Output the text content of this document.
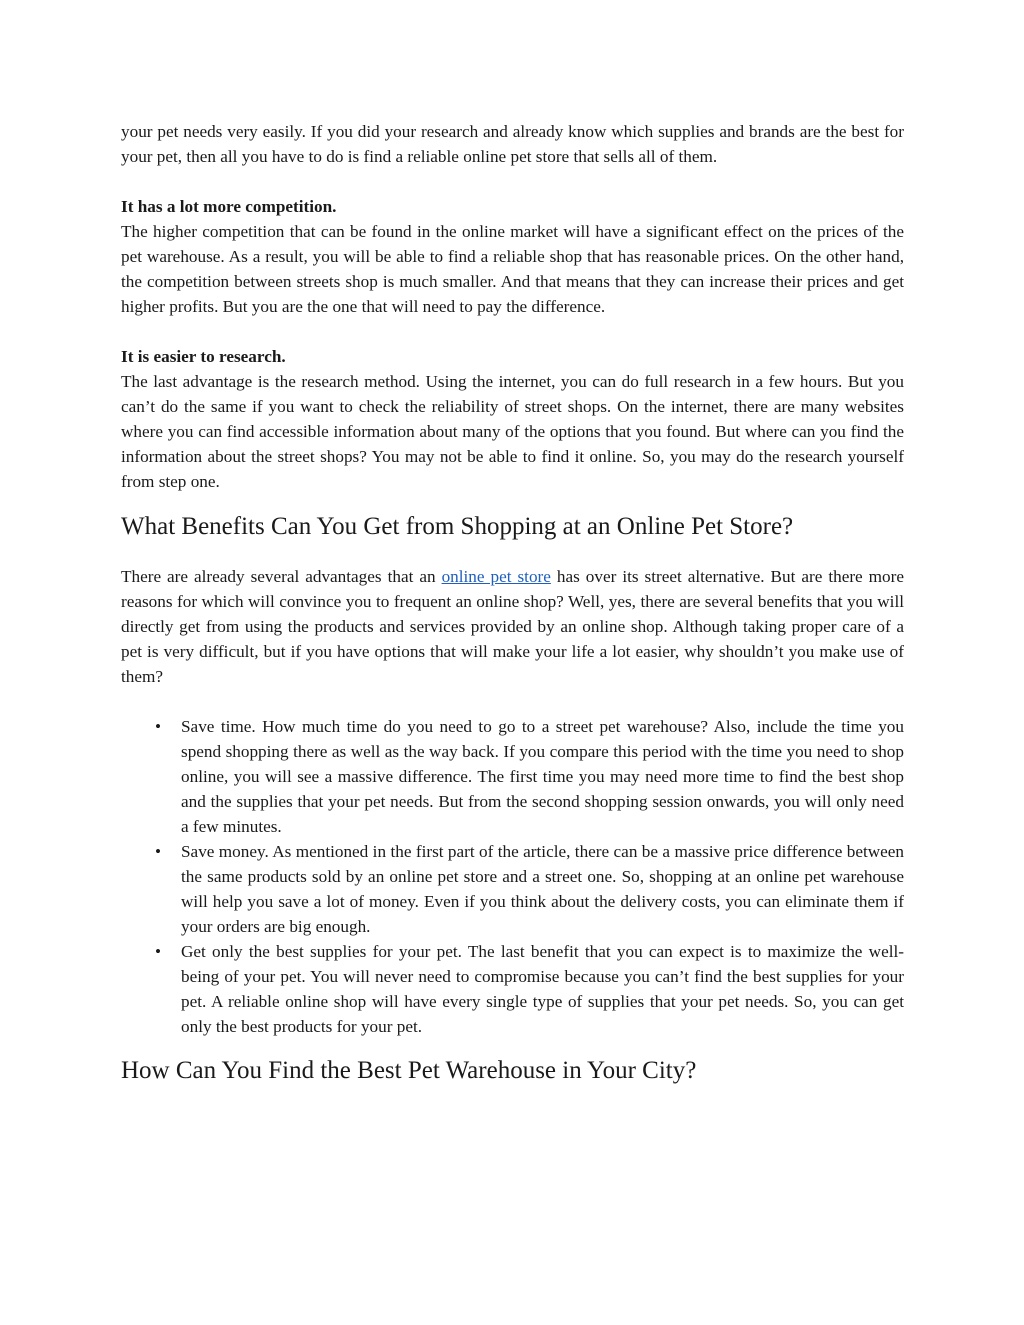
your pet needs very easily. If you did your research and already know which supplies and brands are the best for your pet, then all you have to do is find a reliable online pet store that sells all of them.

It has a lot more competition.

The higher competition that can be found in the online market will have a significant effect on the prices of the pet warehouse. As a result, you will be able to find a reliable shop that has reasonable prices. On the other hand, the competition between streets shop is much smaller. And that means that they can increase their prices and get higher profits. But you are the one that will need to pay the difference.

It is easier to research.

The last advantage is the research method. Using the internet, you can do full research in a few hours. But you can’t do the same if you want to check the reliability of street shops. On the internet, there are many websites where you can find accessible information about many of the options that you found. But where can you find the information about the street shops? You may not be able to find it online. So, you may do the research yourself from step one.

What Benefits Can You Get from Shopping at an Online Pet Store?

There are already several advantages that an online pet store has over its street alternative. But are there more reasons for which will convince you to frequent an online shop? Well, yes, there are several benefits that you will directly get from using the products and services provided by an online shop. Although taking proper care of a pet is very difficult, but if you have options that will make your life a lot easier, why shouldn’t you make use of them?

• Save time. How much time do you need to go to a street pet warehouse? Also, include the time you spend shopping there as well as the way back. If you compare this period with the time you need to shop online, you will see a massive difference. The first time you may need more time to find the best shop and the supplies that your pet needs. But from the second shopping session onwards, you will only need a few minutes.
• Save money. As mentioned in the first part of the article, there can be a massive price difference between the same products sold by an online pet store and a street one. So, shopping at an online pet warehouse will help you save a lot of money. Even if you think about the delivery costs, you can eliminate them if your orders are big enough.
• Get only the best supplies for your pet. The last benefit that you can expect is to maximize the well-being of your pet. You will never need to compromise because you can’t find the best supplies for your pet. A reliable online shop will have every single type of supplies that your pet needs. So, you can get only the best products for your pet.
How Can You Find the Best Pet Warehouse in Your City?
